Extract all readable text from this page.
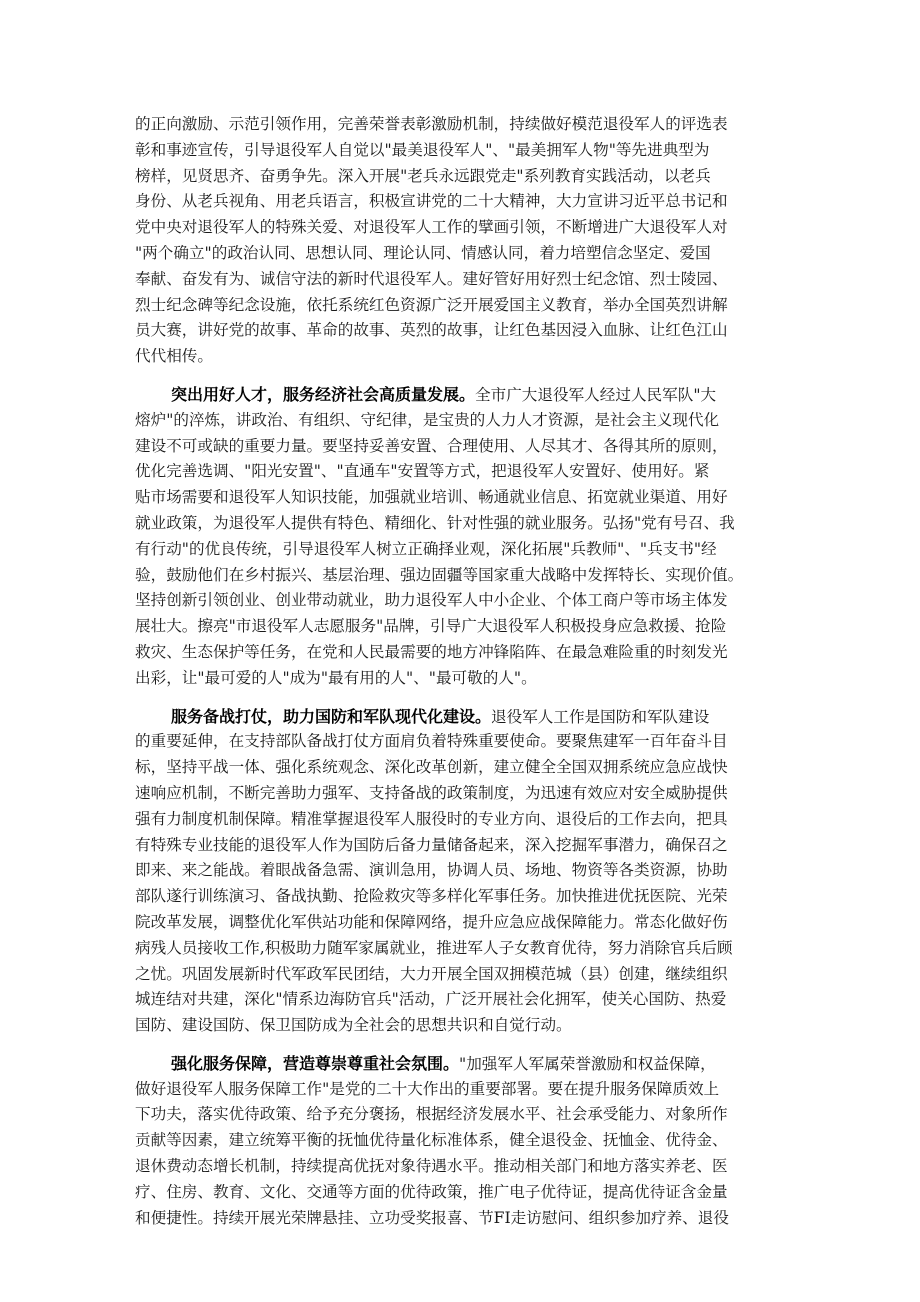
的正向激励、示范引领作用，完善荣誉表彰激励机制，持续做好模范退役军人的评选表
彰和事迹宣传，引导退役军人自觉以"最美退役军人"、"最美拥军人物"等先进典型为
榜样，见贤思齐、奋勇争先。深入开展"老兵永远跟党走"系列教育实践活动，以老兵
身份、从老兵视角、用老兵语言，积极宣讲党的二十大精神，大力宣讲习近平总书记和
党中央对退役军人的特殊关爱、对退役军人工作的擘画引领，不断增进广大退役军人对
"两个确立"的政治认同、思想认同、理论认同、情感认同，着力培塑信念坚定、爱国
奉献、奋发有为、诚信守法的新时代退役军人。建好管好用好烈士纪念馆、烈士陵园、
烈士纪念碑等纪念设施，依托系统红色资源广泛开展爱国主义教育，举办全国英烈讲解
员大赛，讲好党的故事、革命的故事、英烈的故事，让红色基因浸入血脉、让红色江山
代代相传。
突出用好人才，服务经济社会高质量发展。全市广大退役军人经过人民军队"大
熔炉"的淬炼，讲政治、有组织、守纪律，是宝贵的人力人才资源，是社会主义现代化
建设不可或缺的重要力量。要坚持妥善安置、合理使用、人尽其才、各得其所的原则，
优化完善选调、"阳光安置"、"直通车"安置等方式，把退役军人安置好、使用好。紧
贴市场需要和退役军人知识技能，加强就业培训、畅通就业信息、拓宽就业渠道、用好
就业政策，为退役军人提供有特色、精细化、针对性强的就业服务。弘扬"党有号召、我
有行动"的优良传统，引导退役军人树立正确择业观，深化拓展"兵教师"、"兵支书"经
验，鼓励他们在乡村振兴、基层治理、强边固疆等国家重大战略中发挥特长、实现价值。
坚持创新引领创业、创业带动就业，助力退役军人中小企业、个体工商户等市场主体发
展壮大。擦亮"市退役军人志愿服务"品牌，引导广大退役军人积极投身应急救援、抢险
救灾、生态保护等任务，在党和人民最需要的地方冲锋陷阵、在最急难险重的时刻发光
出彩，让"最可爱的人"成为"最有用的人"、"最可敬的人"。
服务备战打仗，助力国防和军队现代化建设。退役军人工作是国防和军队建设
的重要延伸，在支持部队备战打仗方面肩负着特殊重要使命。要聚焦建军一百年奋斗目
标，坚持平战一体、强化系统观念、深化改革创新，建立健全全国双拥系统应急应战快
速响应机制，不断完善助力强军、支持备战的政策制度，为迅速有效应对安全威胁提供
强有力制度机制保障。精准掌握退役军人服役时的专业方向、退役后的工作去向，把具
有特殊专业技能的退役军人作为国防后备力量储备起来，深入挖掘军事潜力，确保召之
即来、来之能战。着眼战备急需、演训急用，协调人员、场地、物资等各类资源，协助
部队遂行训练演习、备战执勤、抢险救灾等多样化军事任务。加快推进优抚医院、光荣
院改革发展，调整优化军供站功能和保障网络，提升应急应战保障能力。常态化做好伤
病残人员接收工作,积极助力随军家属就业，推进军人子女教育优待，努力消除官兵后顾
之忧。巩固发展新时代军政军民团结，大力开展全国双拥模范城（县）创建，继续组织
城连结对共建，深化"情系边海防官兵"活动，广泛开展社会化拥军，使关心国防、热爱
国防、建设国防、保卫国防成为全社会的思想共识和自觉行动。
强化服务保障，营造尊崇尊重社会氛围。"加强军人军属荣誉激励和权益保障，
做好退役军人服务保障工作"是党的二十大作出的重要部署。要在提升服务保障质效上
下功夫，落实优待政策、给予充分褒扬，根据经济发展水平、社会承受能力、对象所作
贡献等因素，建立统筹平衡的抚恤优待量化标准体系，健全退役金、抚恤金、优待金、
退休费动态增长机制，持续提高优抚对象待遇水平。推动相关部门和地方落实养老、医
疗、住房、教育、文化、交通等方面的优待政策，推广电子优待证，提高优待证含金量
和便捷性。持续开展光荣牌悬挂、立功受奖报喜、节FI走访慰问、组织参加疗养、退役
